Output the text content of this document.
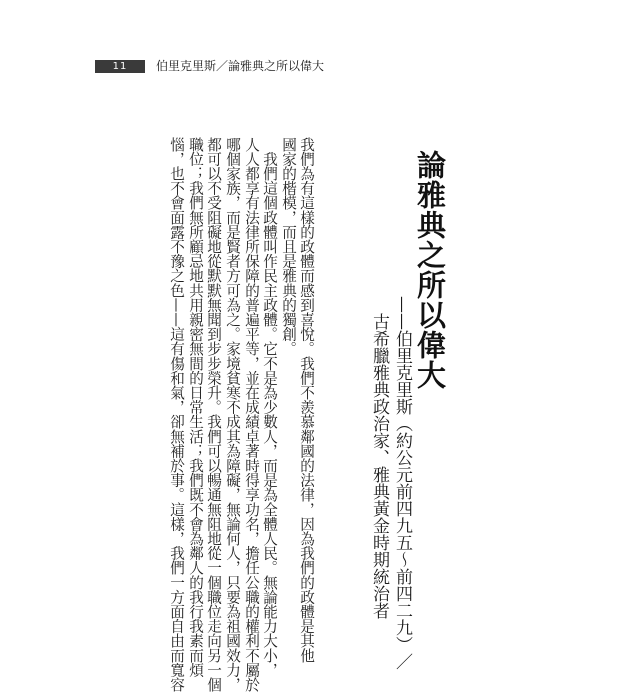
11	伯里克里斯／論雅典之所以偉大
論雅典之所以偉大
——伯里克里斯（約公元前四九五～前四二九）／
古希臘雅典政治家、雅典黃金時期統治者
我們為有這樣的政體而感到喜悅。我們不羨慕鄰國的法律，因為我們的政體是其他
國家的楷模，而且是雅典的獨創。
　我們這個政體叫作民主政體。它不是為少數人，而是為全體人民。無論能力大小，
人人都享有法律所保障的普遍平等，並在成績卓著時得享功名，擔任公職的權利不屬於
哪個家族，而是賢者方可為之。家境貧寒不成其為障礙，無論何人，只要為祖國效力，
都可以不受阻礙地從默默無聞到步步榮升。我們可以暢通無阻地從一個職位走向另一個
職位；我們無所顧忌地共用親密無間的日常生活；我們既不會為鄰人的我行我素而煩
惱，也不會面露不豫之色——這有傷和氣，卻無補於事。這樣，我們一方面自由而寬容
